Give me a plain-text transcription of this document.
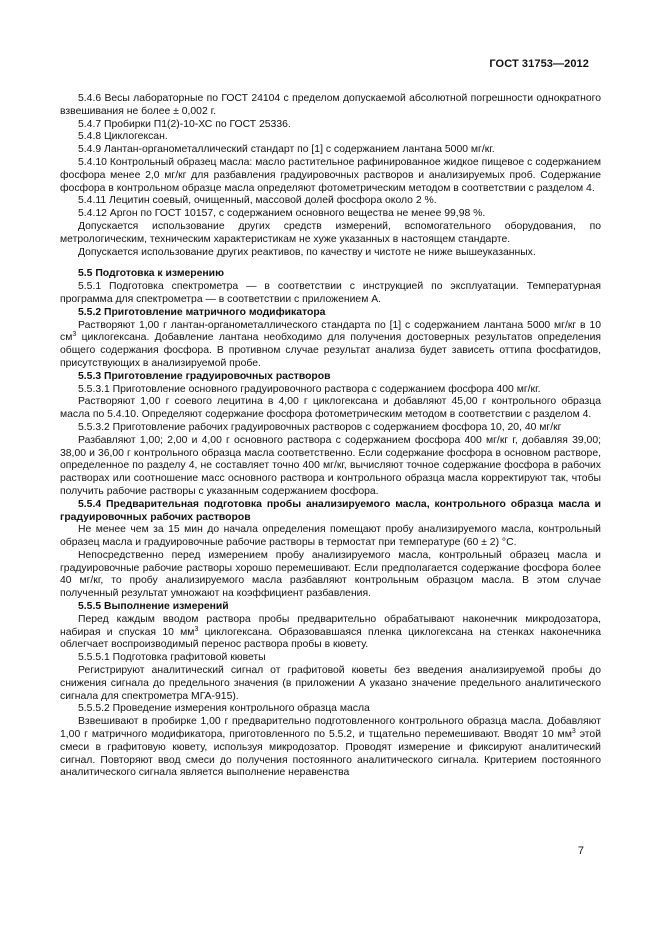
ГОСТ 31753—2012

5.4.6 Весы лабораторные по ГОСТ 24104 с пределом допускаемой абсолютной погрешности однократного взвешивания не более ± 0,002 г.

5.4.7 Пробирки П1(2)-10-ХС по ГОСТ 25336.

5.4.8 Циклогексан.

5.4.9 Лантан-органометаллический стандарт по [1] с содержанием лантана 5000 мг/кг.

5.4.10 Контрольный образец масла: масло растительное рафинированное жидкое пищевое с содержанием фосфора менее 2,0 мг/кг для разбавления градуировочных растворов и анализируемых проб. Содержание фосфора в контрольном образце масла определяют фотометрическим методом в соответствии с разделом 4.

5.4.11 Лецитин соевый, очищенный, массовой долей фосфора около 2 %.

5.4.12 Аргон по ГОСТ 10157, с содержанием основного вещества не менее 99,98 %.

Допускается использование других средств измерений, вспомогательного оборудования, по метрологическим, техническим характеристикам не хуже указанных в настоящем стандарте.

Допускается использование других реактивов, по качеству и чистоте не ниже вышеуказанных.

5.5 Подготовка к измерению

5.5.1 Подготовка спектрометра — в соответствии с инструкцией по эксплуатации. Температурная программа для спектрометра — в соответствии с приложением А.

5.5.2 Приготовление матричного модификатора

Растворяют 1,00 г лантан-органометаллического стандарта по [1] с содержанием лантана 5000 мг/кг в 10 $см^3$ циклогексана. Добавление лантана необходимо для получения достоверных результатов определения общего содержания фосфора. В противном случае результат анализа будет зависеть оттипа фосфатидов, присутствующих в анализируемой пробе.

5.5.3 Приготовление градуировочных растворов

5.5.3.1 Приготовление основного градуировочного раствора с содержанием фосфора 400 мг/кг.

Растворяют 1,00 г соевого лецитина в 4,00 г циклогексана и добавляют 45,00 г контрольного образца масла по 5.4.10. Определяют содержание фосфора фотометрическим методом в соответствии с разделом 4.

5.5.3.2 Приготовление рабочих градуировочных растворов с содержанием фосфора 10, 20, 40 мг/кг

Разбавляют 1,00; 2,00 и 4,00 г основного раствора с содержанием фосфора 400 мг/кг г, добавляя 39,00; 38,00 и 36,00 г контрольного образца масла соответственно. Если содержание фосфора в основном растворе, определенное по разделу 4, не составляет точно 400 мг/кг, вычисляют точное содержание фосфора в рабочих растворах или соотношение масс основного раствора и контрольного образца масла корректируют так, чтобы получить рабочие растворы с указанным содержанием фосфора.

5.5.4 Предварительная подготовка пробы анализируемого масла, контрольного образца масла и градуировочных рабочих растворов

Не менее чем за 15 мин до начала определения помещают пробу анализируемого масла, контрольный образец масла и градуировочные рабочие растворы в термостат при температуре (60 ± 2) °С.

Непосредственно перед измерением пробу анализируемого масла, контрольный образец масла и градуировочные рабочие растворы хорошо перемешивают. Если предполагается содержание фосфора более 40 мг/кг, то пробу анализируемого масла разбавляют контрольным образцом масла. В этом случае полученный результат умножают на коэффициент разбавления.

5.5.5 Выполнение измерений

Перед каждым вводом раствора пробы предварительно обрабатывают наконечник микродозатора, набирая и спуская 10 $мм^3$ циклогексана. Образовавшаяся пленка циклогексана на стенках наконечника облегчает воспроизводимый перенос раствора пробы в кювету.

5.5.5.1 Подготовка графитовой кюветы

Регистрируют аналитический сигнал от графитовой кюветы без введения анализируемой пробы до снижения сигнала до предельного значения (в приложении А указано значение предельного аналитического сигнала для спектрометра МГА-915).

5.5.5.2 Проведение измерения контрольного образца масла

Взвешивают в пробирке 1,00 г предварительно подготовленного контрольного образца масла. Добавляют 1,00 г матричного модификатора, приготовленного по 5.5.2, и тщательно перемешивают. Вводят 10 $мм^3$ этой смеси в графитовую кювету, используя микродозатор. Проводят измерение и фиксируют аналитический сигнал. Повторяют ввод смеси до получения постоянного аналитического сигнала. Критерием постоянного аналитического сигнала является выполнение неравенства

7
